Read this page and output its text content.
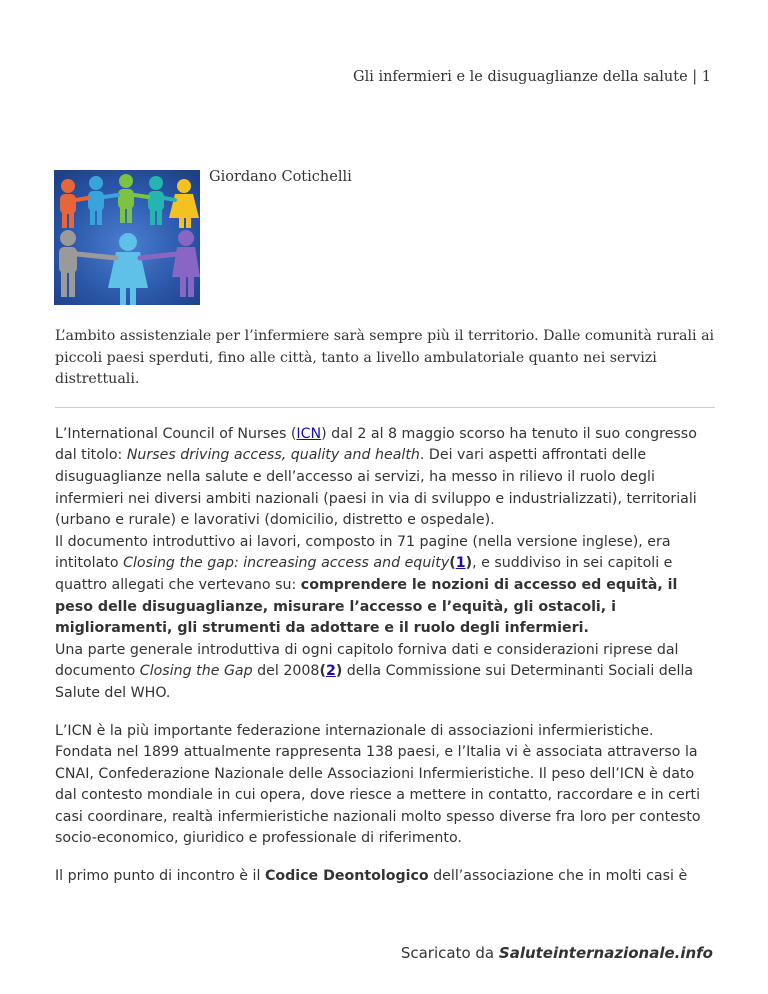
Gli infermieri e le disuguaglianze della salute | 1
Giordano Cotichelli

L’ambito assistenziale per l’infermiere sarà sempre più il territorio. Dalle comunità rurali ai piccoli paesi sperduti, fino alle città, tanto a livello ambulatoriale quanto nei servizi distrettuali.

L’International Council of Nurses (ICN) dal 2 al 8 maggio scorso ha tenuto il suo congresso dal titolo: Nurses driving access, quality and health. Dei vari aspetti affrontati delle disuguaglianze nella salute e dell’accesso ai servizi, ha messo in rilievo il ruolo degli infermieri nei diversi ambiti nazionali (paesi in via di sviluppo e industrializzati), territoriali (urbano e rurale) e lavorativi (domicilio, distretto e ospedale).
Il documento introduttivo ai lavori, composto in 71 pagine (nella versione inglese), era intitolato Closing the gap: increasing access and equity(1), e suddiviso in sei capitoli e quattro allegati che vertevano su: comprendere le nozioni di accesso ed equità, il peso delle disuguaglianze, misurare l’accesso e l’equità, gli ostacoli, i miglioramenti, gli strumenti da adottare e il ruolo degli infermieri.
Una parte generale introduttiva di ogni capitolo forniva dati e considerazioni riprese dal documento Closing the Gap del 2008(2) della Commissione sui Determinanti Sociali della Salute del WHO.

L’ICN è la più importante federazione internazionale di associazioni infermieristiche. Fondata nel 1899 attualmente rappresenta 138 paesi, e l’Italia vi è associata attraverso la CNAI, Confederazione Nazionale delle Associazioni Infermieristiche. Il peso dell’ICN è dato dal contesto mondiale in cui opera, dove riesce a mettere in contatto, raccordare e in certi casi coordinare, realtà infermieristiche nazionali molto spesso diverse fra loro per contesto socio-economico, giuridico e professionale di riferimento.

Il primo punto di incontro è il Codice Deontologico dell’associazione che in molti casi è

Scaricato da Saluteinternazionale.info
